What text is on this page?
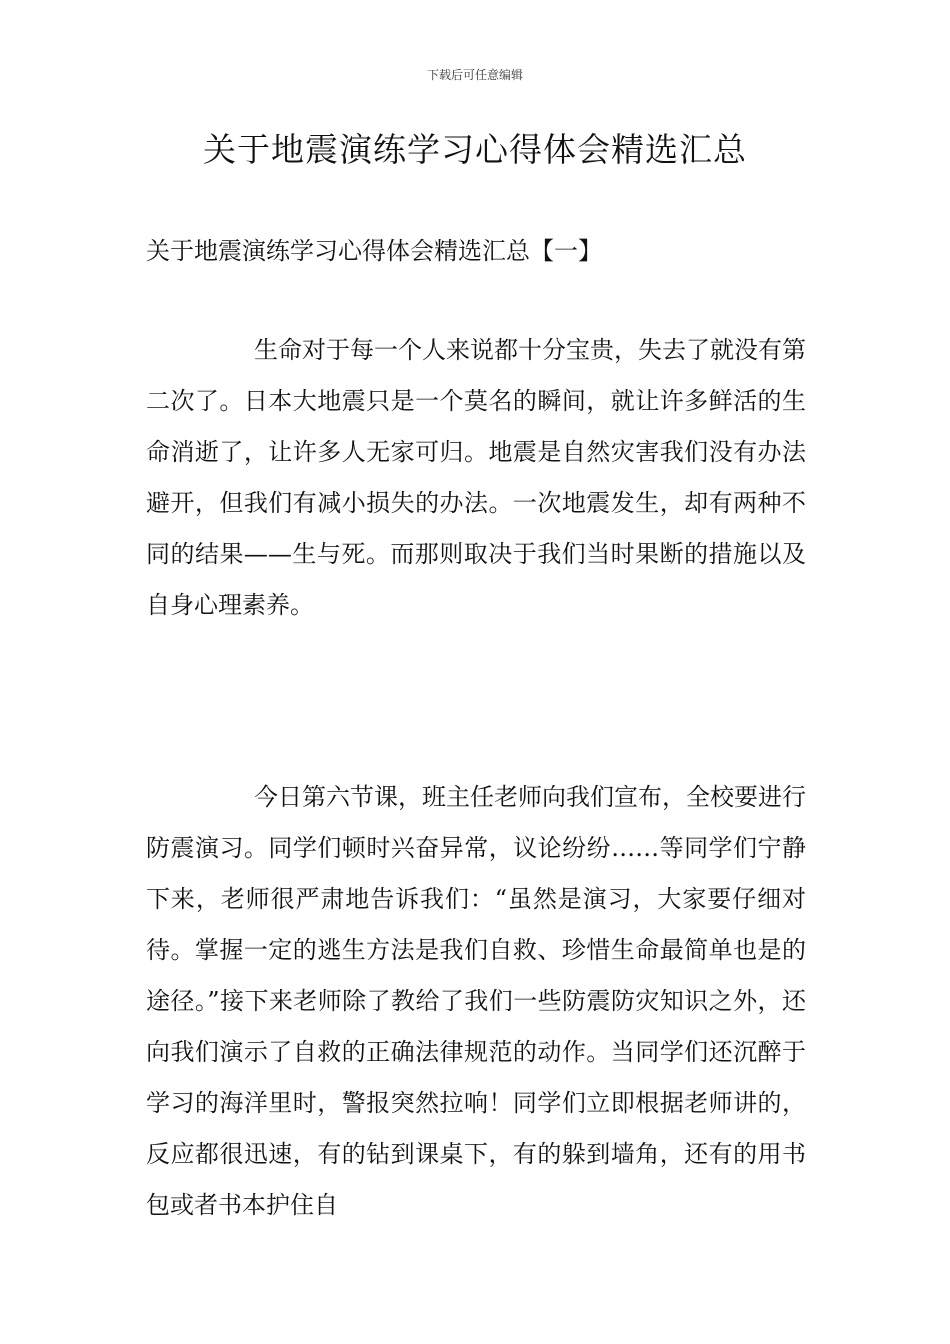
下载后可任意编辑
关于地震演练学习心得体会精选汇总
关于地震演练学习心得体会精选汇总【一】

生命对于每一个人来说都十分宝贵，失去了就没有第二次了。日本大地震只是一个莫名的瞬间，就让许多鲜活的生命消逝了，让许多人无家可归。地震是自然灾害我们没有办法避开，但我们有减小损失的办法。一次地震发生，却有两种不同的结果——生与死。而那则取决于我们当时果断的措施以及自身心理素养。

今日第六节课，班主任老师向我们宣布，全校要进行防震演习。同学们顿时兴奋异常，议论纷纷……等同学们宁静下来，老师很严肃地告诉我们：“虽然是演习，大家要仔细对待。掌握一定的逃生方法是我们自救、珍惜生命最简单也是的途径。”接下来老师除了教给了我们一些防震防灾知识之外，还向我们演示了自救的正确法律规范的动作。当同学们还沉醉于学习的海洋里时，警报突然拉响！同学们立即根据老师讲的，反应都很迅速，有的钻到课桌下，有的躲到墙角，还有的用书包或者书本护住自
